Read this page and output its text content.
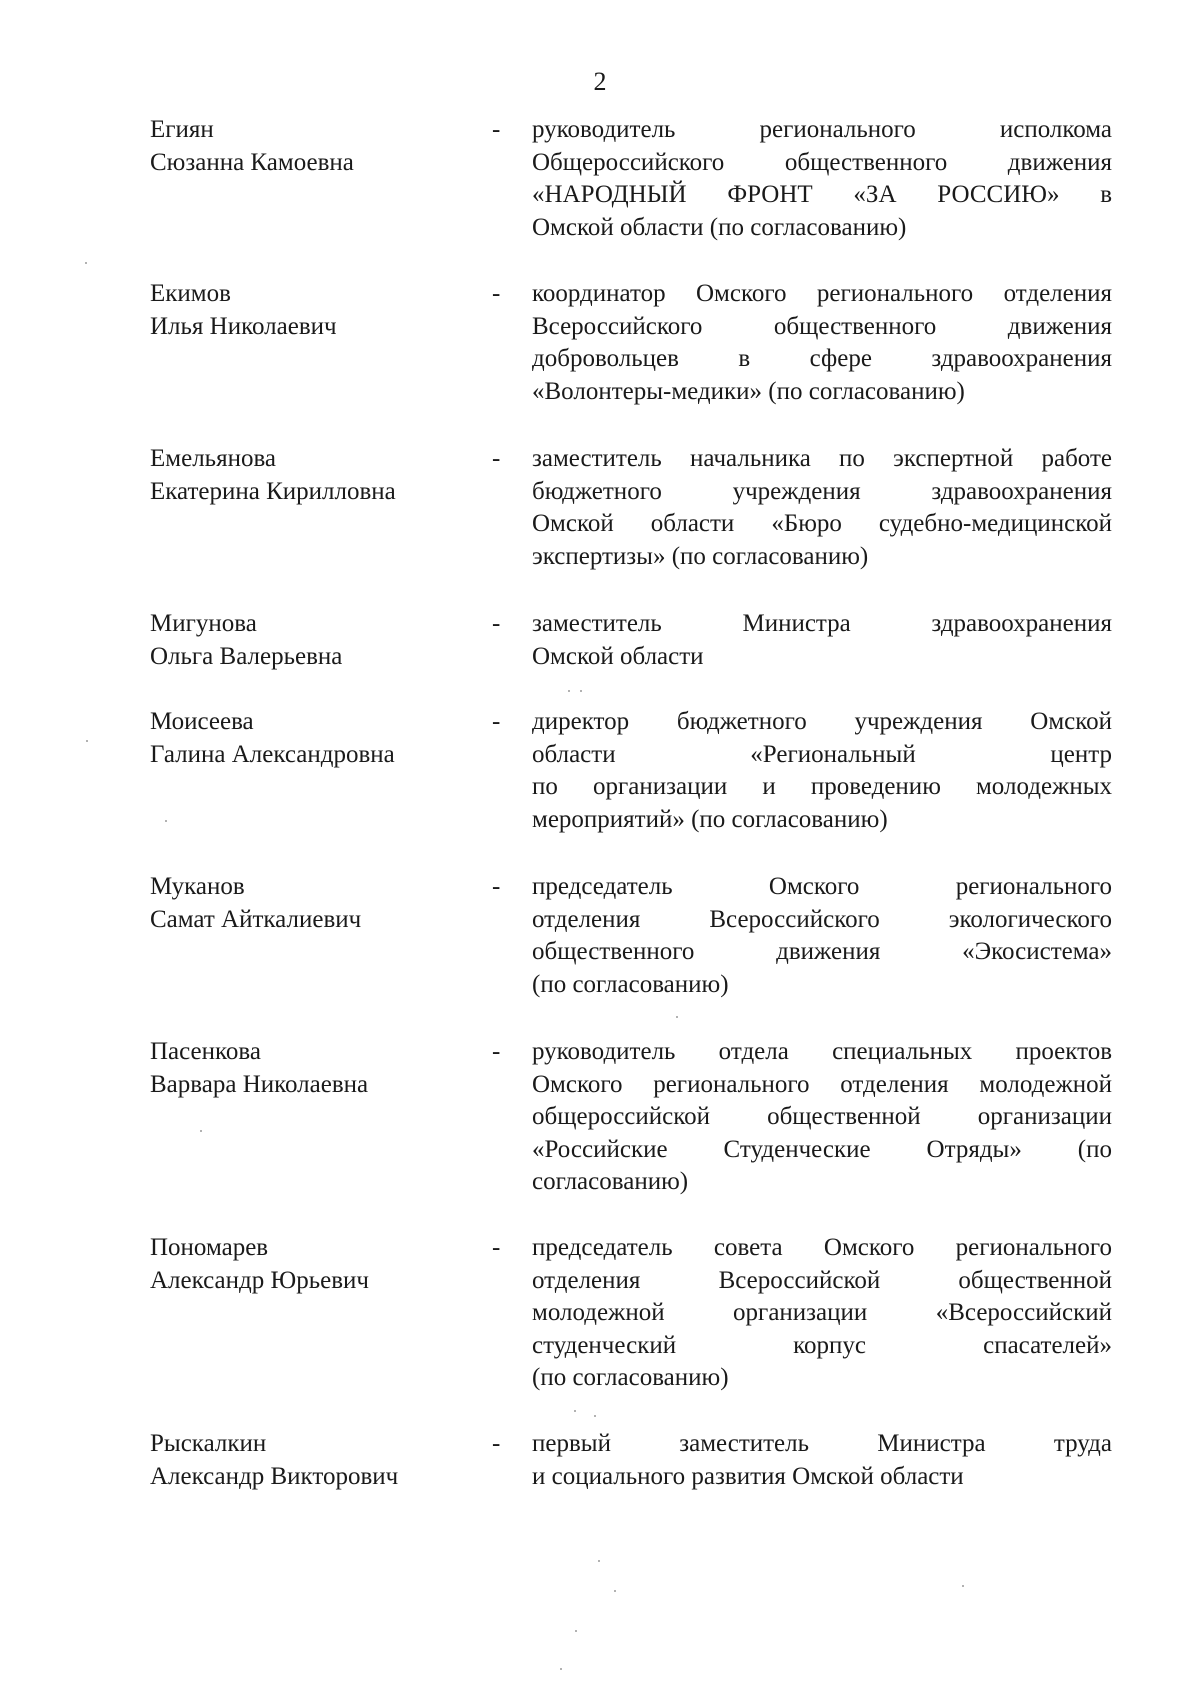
2
Егиян
Сюзанна Камоевна
- руководитель регионального исполкома
Общероссийского общественного движения
«НАРОДНЫЙ ФРОНТ «ЗА РОССИЮ» в
Омской области (по согласованию)
Екимов
Илья Николаевич
- координатор Омского регионального отделения
Всероссийского общественного движения
добровольцев в сфере здравоохранения
«Волонтеры-медики» (по согласованию)
Емельянова
Екатерина Кирилловна
- заместитель начальника по экспертной работе
бюджетного учреждения здравоохранения
Омской области «Бюро судебно-медицинской
экспертизы» (по согласованию)
Мигунова
Ольга Валерьевна
- заместитель Министра здравоохранения
Омской области
Моисеева
Галина Александровна
- директор бюджетного учреждения Омской
области «Региональный центр
по организации и проведению молодежных
мероприятий» (по согласованию)
Муканов
Самат Айткалиевич
- председатель Омского регионального
отделения Всероссийского экологического
общественного движения «Экосистема»
(по согласованию)
Пасенкова
Варвара Николаевна
- руководитель отдела специальных проектов
Омского регионального отделения молодежной
общероссийской общественной организации
«Российские Студенческие Отряды» (по
согласованию)
Пономарев
Александр Юрьевич
- председатель совета Омского регионального
отделения Всероссийской общественной
молодежной организации «Всероссийский
студенческий корпус спасателей»
(по согласованию)
Рыскалкин
Александр Викторович
- первый заместитель Министра труда
и социального развития Омской области
